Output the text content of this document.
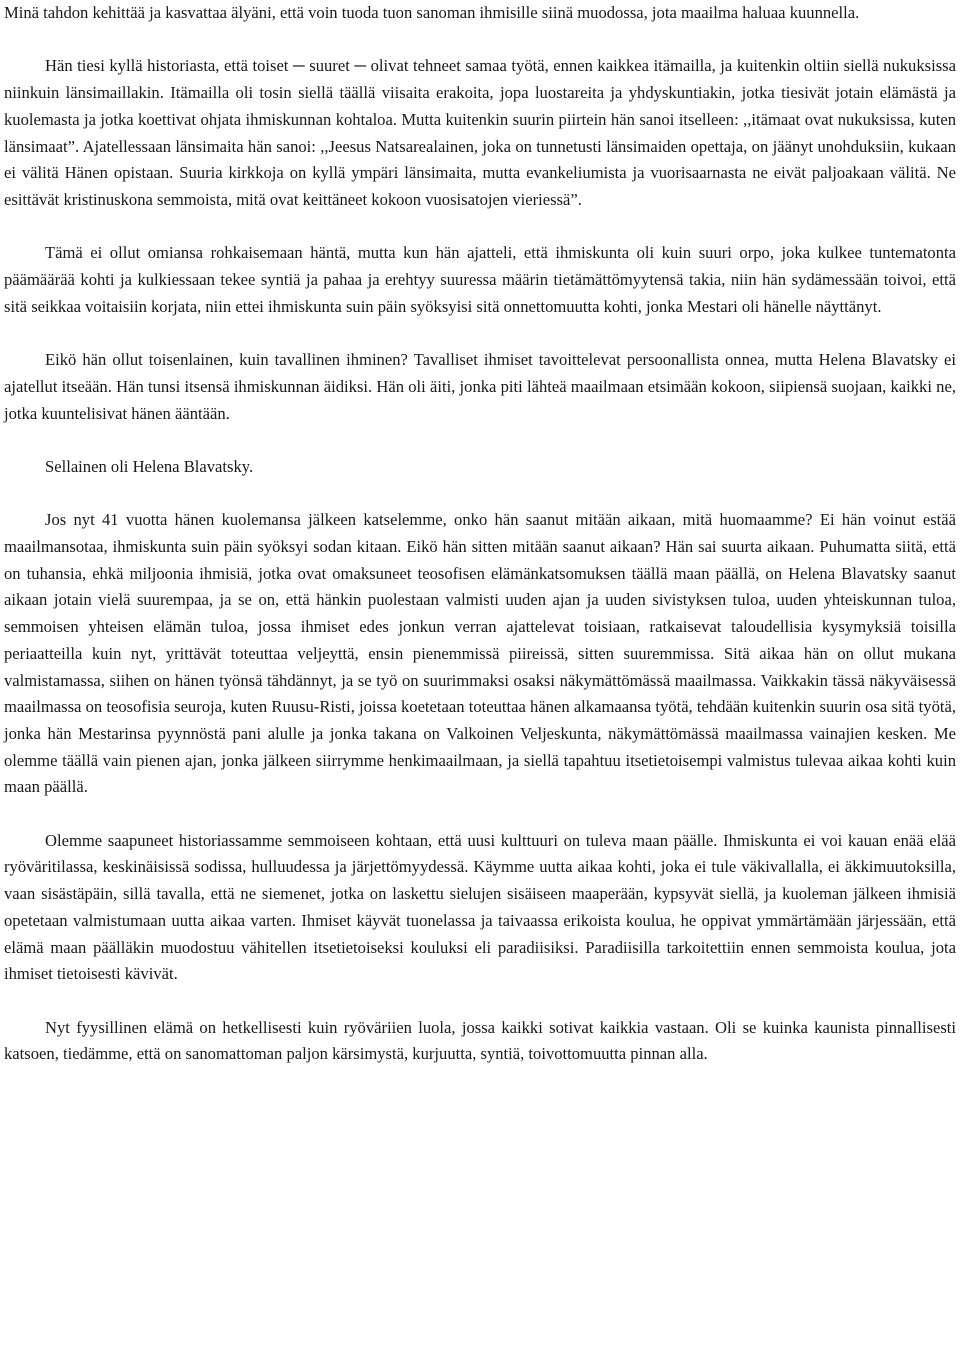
Minä tahdon kehittää ja kasvattaa älyäni, että voin tuoda tuon sanoman ihmisille siinä muodossa, jota maailma haluaa kuunnella.

Hän tiesi kyllä historiasta, että toiset ─ suuret ─ olivat tehneet samaa työtä, ennen kaikkea itämailla, ja kuitenkin oltiin siellä nukuksissa niinkuin länsimaillakin. Itämailla oli tosin siellä täällä viisaita erakoita, jopa luostareita ja yhdyskuntiakin, jotka tiesivät jotain elämästä ja kuolemasta ja jotka koettivat ohjata ihmiskunnan kohtaloa. Mutta kuitenkin suurin piirtein hän sanoi itselleen: ,,itämaat ovat nukuksissa, kuten länsimaat”. Ajatellessaan länsimaita hän sanoi: ,,Jeesus Natsarealainen, joka on tunnetusti länsimaiden opettaja, on jäänyt unohduksiin, kukaan ei välitä Hänen opistaan. Suuria kirkkoja on kyllä ympäri länsimaita, mutta evankeliumista ja vuorisaarnasta ne eivät paljoakaan välitä. Ne esittävät kristinuskona semmoista, mitä ovat keittäneet kokoon vuosisatojen vieriessä”.

Tämä ei ollut omiansa rohkaisemaan häntä, mutta kun hän ajatteli, että ihmiskunta oli kuin suuri orpo, joka kulkee tuntematonta päämäärää kohti ja kulkiessaan tekee syntiä ja pahaa ja erehtyy suuressa määrin tietämättömyytensä takia, niin hän sydämessään toivoi, että sitä seikkaa voitaisiin korjata, niin ettei ihmiskunta suin päin syöksyisi sitä onnettomuutta kohti, jonka Mestari oli hänelle näyttänyt.

Eikö hän ollut toisenlainen, kuin tavallinen ihminen? Tavalliset ihmiset tavoittelevat persoonallista onnea, mutta Helena Blavatsky ei ajatellut itseään. Hän tunsi itsensä ihmiskunnan äidiksi. Hän oli äiti, jonka piti lähteä maailmaan etsimään kokoon, siipiensä suojaan, kaikki ne, jotka kuuntelisivat hänen ääntään.

Sellainen oli Helena Blavatsky.

Jos nyt 41 vuotta hänen kuolemansa jälkeen katselemme, onko hän saanut mitään aikaan, mitä huomaamme? Ei hän voinut estää maailmansotaa, ihmiskunta suin päin syöksyi sodan kitaan. Eikö hän sitten mitään saanut aikaan? Hän sai suurta aikaan. Puhumatta siitä, että on tuhansia, ehkä miljoonia ihmisiä, jotka ovat omaksuneet teosofisen elämänkatsomuksen täällä maan päällä, on Helena Blavatsky saanut aikaan jotain vielä suurempaa, ja se on, että hänkin puolestaan valmisti uuden ajan ja uuden sivistyksen tuloa, uuden yhteiskunnan tuloa, semmoisen yhteisen elämän tuloa, jossa ihmiset edes jonkun verran ajattelevat toisiaan, ratkaisevat taloudellisia kysymyksiä toisilla periaatteilla kuin nyt, yrittävät toteuttaa veljeyttä, ensin pienemmissä piireissä, sitten suuremmissa. Sitä aikaa hän on ollut mukana valmistamassa, siihen on hänen työnsä tähdännyt, ja se työ on suurimmaksi osaksi näkymättömässä maailmassa. Vaikkakin tässä näkyväisessä maailmassa on teosofisia seuroja, kuten Ruusu-Risti, joissa koetetaan toteuttaa hänen alkamaansa työtä, tehdään kuitenkin suurin osa sitä työtä, jonka hän Mestarinsa pyynnöstä pani alulle ja jonka takana on Valkoinen Veljeskunta, näkymättömässä maailmassa vainajien kesken. Me olemme täällä vain pienen ajan, jonka jälkeen siirrymme henkimaailmaan, ja siellä tapahtuu itsetietoisempi valmistus tulevaa aikaa kohti kuin maan päällä.

Olemme saapuneet historiassamme semmoiseen kohtaan, että uusi kulttuuri on tuleva maan päälle. Ihmiskunta ei voi kauan enää elää ryöväritilassa, keskinäisissä sodissa, hulluudessa ja järjettömyydessä. Käymme uutta aikaa kohti, joka ei tule väkivallalla, ei äkkimuutoksilla, vaan sisästäpäin, sillä tavalla, että ne siemenet, jotka on laskettu sielujen sisäiseen maaperään, kypsyvät siellä, ja kuoleman jälkeen ihmisiä opetetaan valmistumaan uutta aikaa varten. Ihmiset käyvät tuonelassa ja taivaassa erikoista koulua, he oppivat ymmärtämään järjessään, että elämä maan päälläkin muodostuu vähitellen itsetietoiseksi kouluksi eli paradiisiksi. Paradiisilla tarkoitettiin ennen semmoista koulua, jota ihmiset tietoisesti kävivät.

Nyt fyysillinen elämä on hetkellisesti kuin ryöväriien luola, jossa kaikki sotivat kaikkia vastaan. Oli se kuinka kaunista pinnallisesti katsoen, tiedämme, että on sanomattoman paljon kärsimystä, kurjuutta, syntiä, toivottomuutta pinnan alla.
